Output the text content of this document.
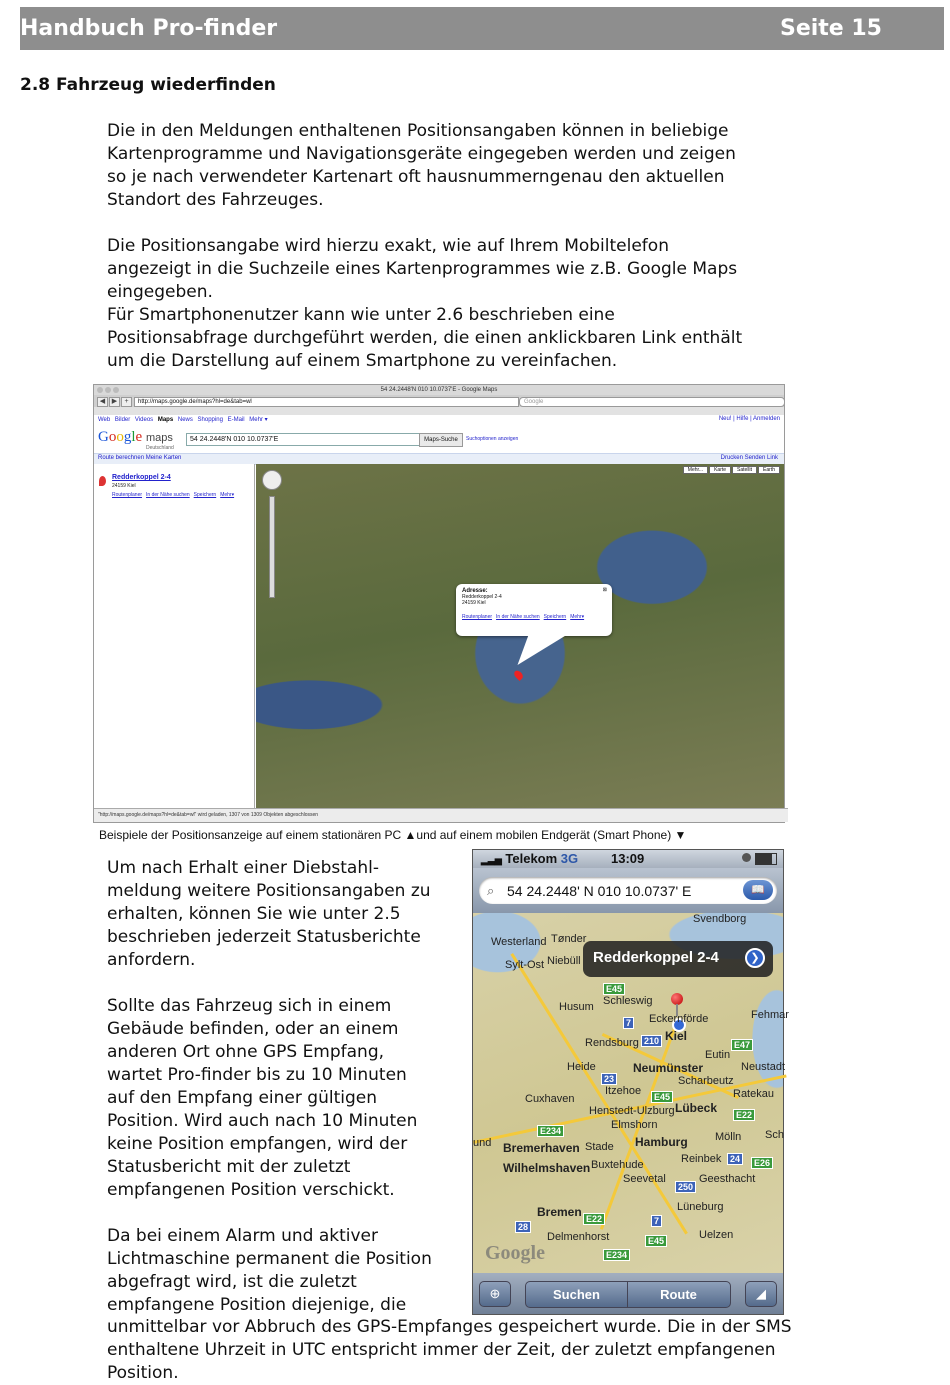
Handbuch Pro-finder	Seite 15
2.8 Fahrzeug wiederfinden

Die in den Meldungen enthaltenen Positionsangaben können in beliebige Kartenprogramme und Navigationsgeräte eingegeben werden und zeigen so je nach verwendeter Kartenart oft hausnummerngenau den aktuellen Standort des Fahrzeuges.

Die Positionsangabe wird hierzu exakt, wie auf Ihrem Mobiltelefon angezeigt in die Suchzeile eines Kartenprogrammes wie z.B. Google Maps eingegeben.

Für Smartphonenutzer kann wie unter 2.6 beschrieben eine Positionsabfrage durchgeführt werden, die einen anklickbaren Link enthält um die Darstellung auf einem Smartphone zu vereinfachen.

54 24.2448'N 010 10.0737'E - Google Maps
◀ ▶ +	http://maps.google.de/maps?hl=de&tab=wl	Google
Web Bilder Videos Maps News Shopping E-Mail Mehr ▾	Neu! | Hilfe | Anmelden
Google maps
Deutschland
54 24.2448'N 010 10.0737'E	Maps-Suche	Suchoptionen anzeigen
Route berechnen Meine Karten	Drucken Senden Link
Redderkoppel 2-4
24159 Kiel
Routenplaner In der Nähe suchen Speichern Mehr▾
Mehr... Karte Satellit Earth
⊠
Adresse:
Redderkoppel 2-4
24159 Kiel
Routenplaner In der Nähe suchen Speichern Mehr▾
"http://maps.google.de/maps?hl=de&tab=wl" wird geladen, 1307 von 1309 Objekten abgeschlossen
Beispiele der Positionsanzeige auf einem stationären PC ▲und auf einem mobilen Endgerät (Smart Phone) ▼

Um nach Erhalt einer Diebstahl-meldung weitere Positionsangaben zu erhalten, können Sie wie unter 2.5 beschrieben jederzeit Statusberichte anfordern.

Sollte das Fahrzeug sich in einem Gebäude befinden, oder an einem anderen Ort ohne GPS Empfang, wartet Pro-finder bis zu 10 Minuten auf den Empfang einer gültigen Position. Wird auch nach 10 Minuten keine Position empfangen, wird der Statusbericht mit der zuletzt empfangenen Position verschickt.

Da bei einem Alarm und aktiver Lichtmaschine permanent die Position abgefragt wird, ist die zuletzt empfangene Position diejenige, die

▂▃▅ Telekom 3G	13:09
⌕ 54 24.2448' N 010 10.0737' E	📖
Redderkoppel 2-4	❯
Svendborg
Westerland Tønder
Sylt-Ost Niebüll
Husum Schleswig
Eckernförde
Kiel
Fehmar
Rendsburg
Eutin
Heide	Neumünster	Neustadt
Scharbeutz
Ratekau
Itzehoe
Cuxhaven
Lübeck
Henstedt-Ulzburg
Elmshorn
Mölln
und
Sch
Bremerhaven Stade Hamburg
Reinbek
Wilhelmshaven Buxtehude
Seevetal	Geesthacht
Bremen	Lüneburg
Delmenhorst	Uelzen
E45
7
210	E47
23
E45
E22
E234
24	E26
250
28
E22	7
E45
E234
Google
⊕	Suchen	Route	◢

unmittelbar vor Abbruch des GPS-Empfanges gespeichert wurde. Die in der SMS enthaltene Uhrzeit in UTC entspricht immer der Zeit, der zuletzt empfangenen Position.
